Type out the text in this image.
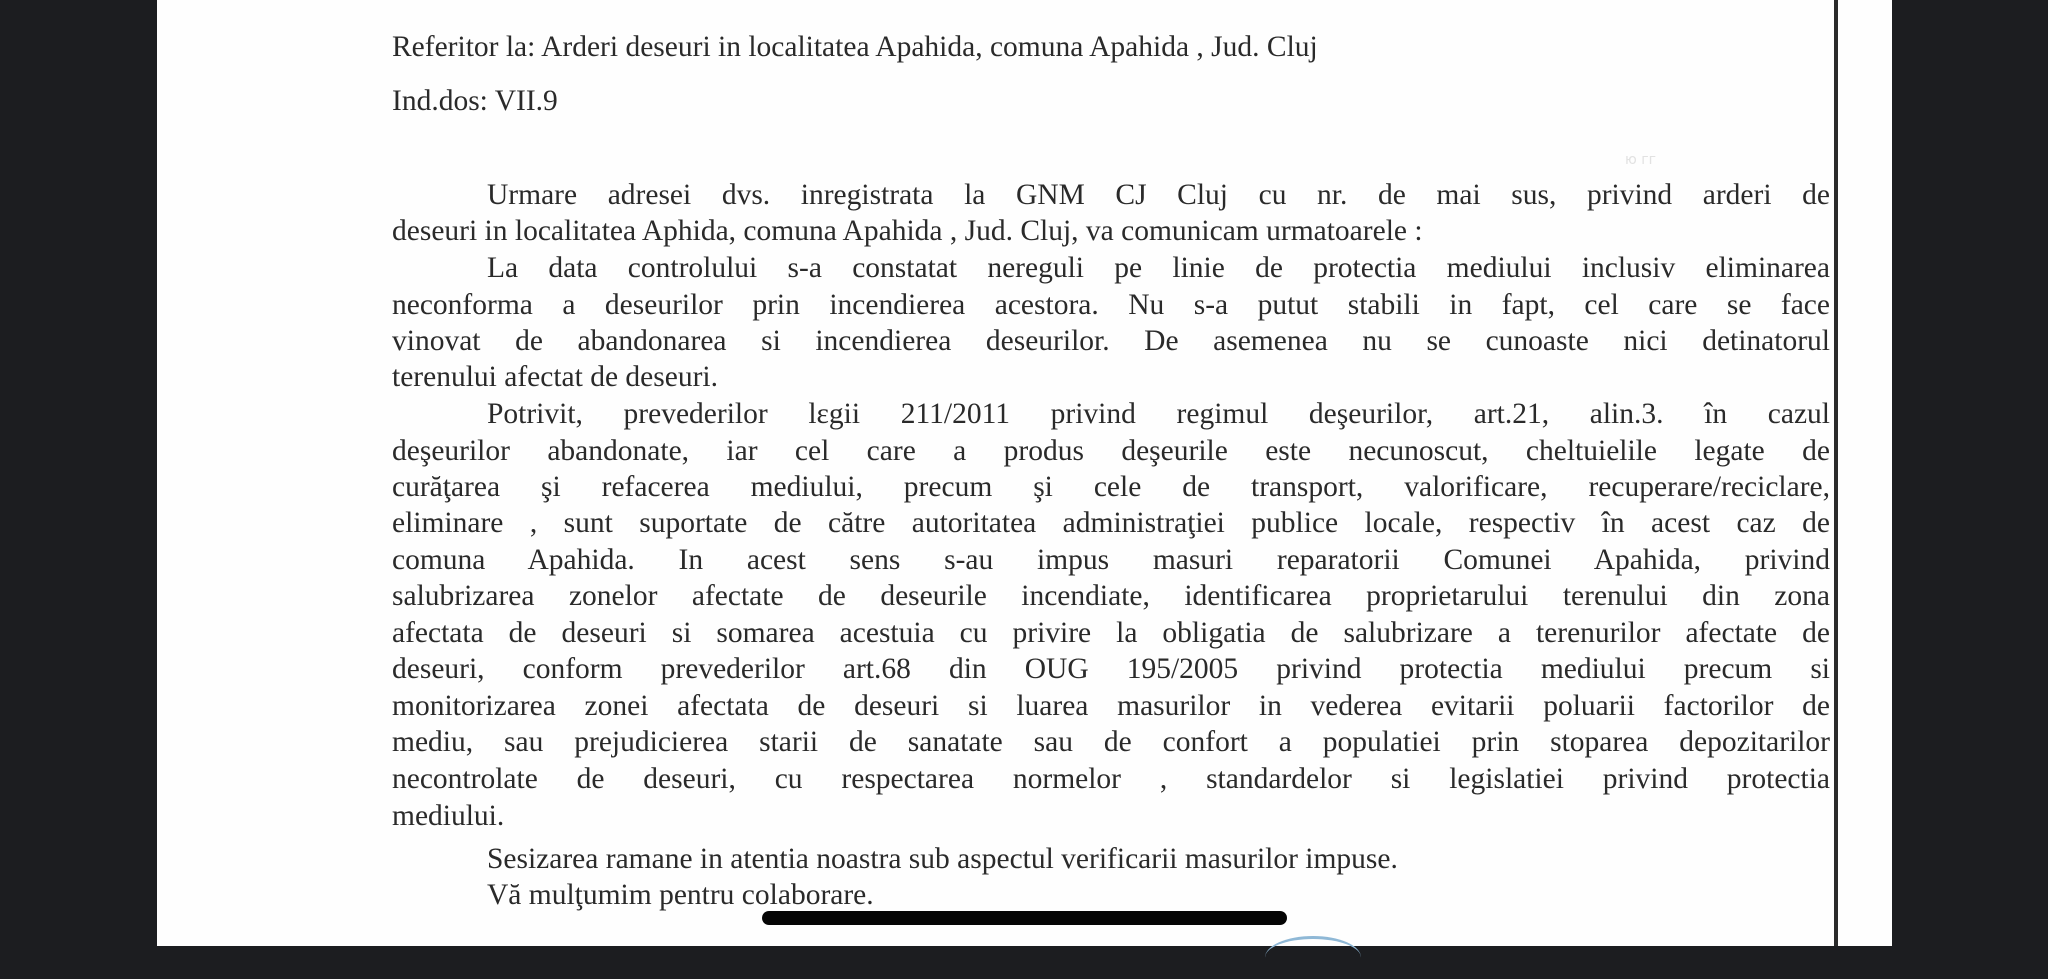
ю гг
Referitor la: Arderi deseuri in localitatea Apahida, comuna Apahida , Jud. Cluj
Ind.dos: VII.9
Urmare adresei dvs. inregistrata la GNM CJ Cluj cu nr. de mai sus, privind arderi de
deseuri in localitatea Aphida, comuna Apahida , Jud. Cluj, va comunicam urmatoarele :
La data controlului s-a constatat nereguli pe linie de protectia mediului inclusiv eliminarea
neconforma a deseurilor prin incendierea acestora. Nu s-a putut stabili in fapt, cel care se face
vinovat de abandonarea si incendierea deseurilor. De asemenea nu se cunoaste nici detinatorul
terenului afectat de deseuri.
Potrivit, prevederilor lɛgii 211/2011 privind regimul deşeurilor, art.21, alin.3. în cazul
deşeurilor abandonate, iar cel care a produs deşeurile este necunoscut, cheltuielile legate de
curăţarea şi refacerea mediului, precum şi cele de transport, valorificare, recuperare/reciclare,
eliminare , sunt suportate de către autoritatea administraţiei publice locale, respectiv în acest caz de
comuna Apahida. In acest sens s-au impus masuri reparatorii Comunei Apahida, privind
salubrizarea zonelor afectate de deseurile incendiate, identificarea proprietarului terenului din zona
afectata de deseuri si somarea acestuia cu privire la obligatia de salubrizare a terenurilor afectate de
deseuri, conform prevederilor art.68 din OUG 195/2005 privind protectia mediului precum si
monitorizarea zonei afectata de deseuri si luarea masurilor in vederea evitarii poluarii factorilor de
mediu, sau prejudicierea starii de sanatate sau de confort a populatiei prin stoparea depozitarilor
necontrolate de deseuri, cu respectarea normelor , standardelor si legislatiei privind protectia
mediului.
Sesizarea ramane in atentia noastra sub aspectul verificarii masurilor impuse.
Vă mulţumim pentru colaborare.
